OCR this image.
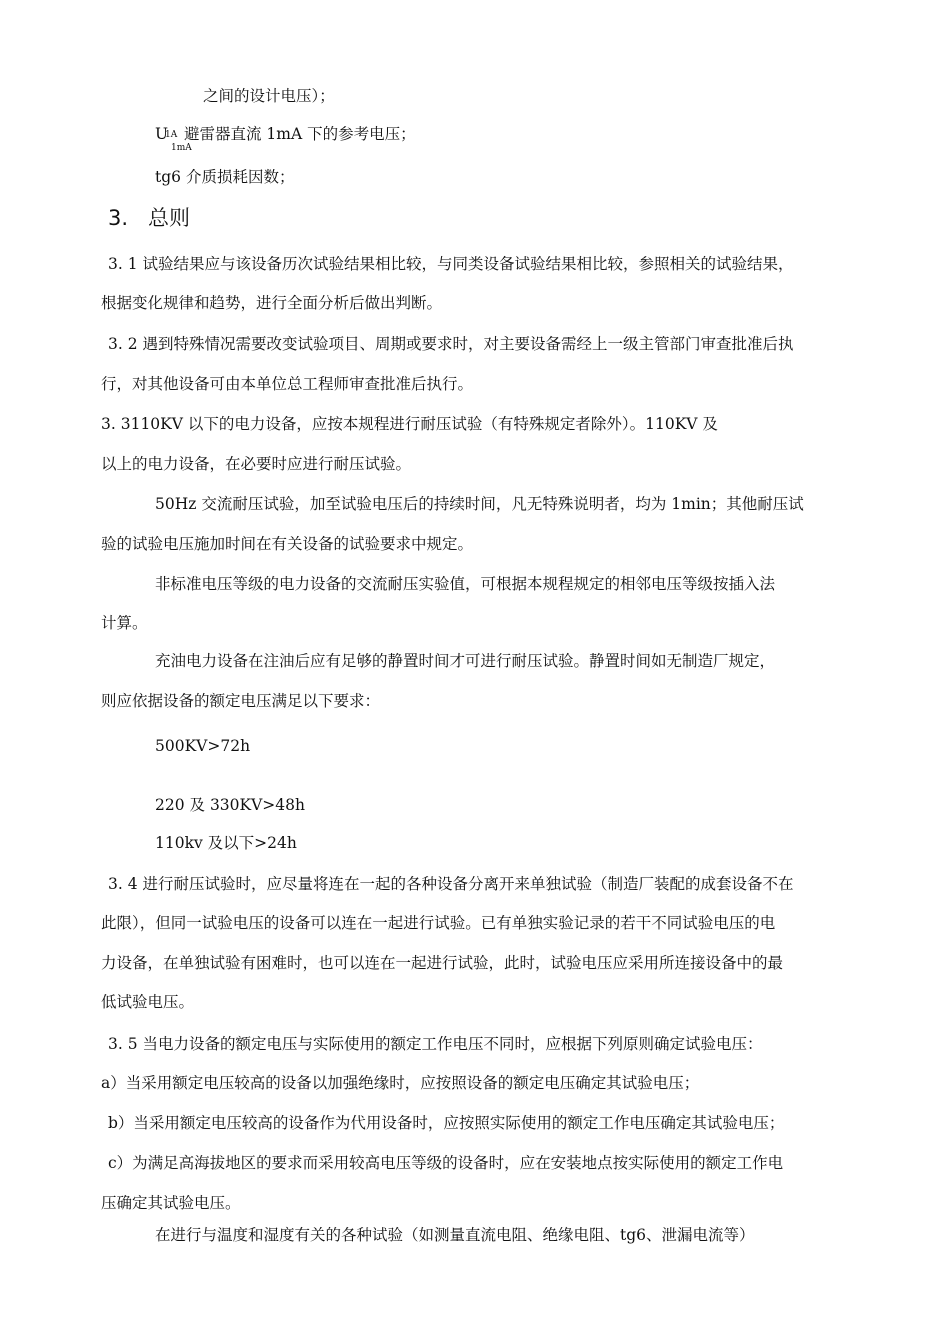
之间的设计电压）；
U
1A
1mA
避雷器直流 1mA 下的参考电压；
tg6 介质损耗因数；
3.   总则
3. 1 试验结果应与该设备历次试验结果相比较，与同类设备试验结果相比较，参照相关的试验结果，
根据变化规律和趋势，进行全面分析后做出判断。
3. 2 遇到特殊情况需要改变试验项目、周期或要求时，对主要设备需经上一级主管部门审查批准后执
行，对其他设备可由本单位总工程师审查批准后执行。
3. 3110KV 以下的电力设备，应按本规程进行耐压试验（有特殊规定者除外）。110KV 及
以上的电力设备，在必要时应进行耐压试验。
50Hz 交流耐压试验，加至试验电压后的持续时间，凡无特殊说明者，均为 1min；其他耐压试
验的试验电压施加时间在有关设备的试验要求中规定。
非标准电压等级的电力设备的交流耐压实验值，可根据本规程规定的相邻电压等级按插入法
计算。
充油电力设备在注油后应有足够的静置时间才可进行耐压试验。静置时间如无制造厂规定，
则应依据设备的额定电压满足以下要求：
500KV>72h
220 及 330KV>48h
110kv 及以下>24h
3. 4 进行耐压试验时，应尽量将连在一起的各种设备分离开来单独试验（制造厂装配的成套设备不在
此限），但同一试验电压的设备可以连在一起进行试验。已有单独实验记录的若干不同试验电压的电
力设备，在单独试验有困难时，也可以连在一起进行试验，此时，试验电压应采用所连接设备中的最
低试验电压。
3. 5 当电力设备的额定电压与实际使用的额定工作电压不同时，应根据下列原则确定试验电压：
a）当采用额定电压较高的设备以加强绝缘时，应按照设备的额定电压确定其试验电压；
b）当采用额定电压较高的设备作为代用设备时，应按照实际使用的额定工作电压确定其试验电压；
c）为满足高海拔地区的要求而采用较高电压等级的设备时，应在安装地点按实际使用的额定工作电
压确定其试验电压。
在进行与温度和湿度有关的各种试验（如测量直流电阻、绝缘电阻、tg6、泄漏电流等）
